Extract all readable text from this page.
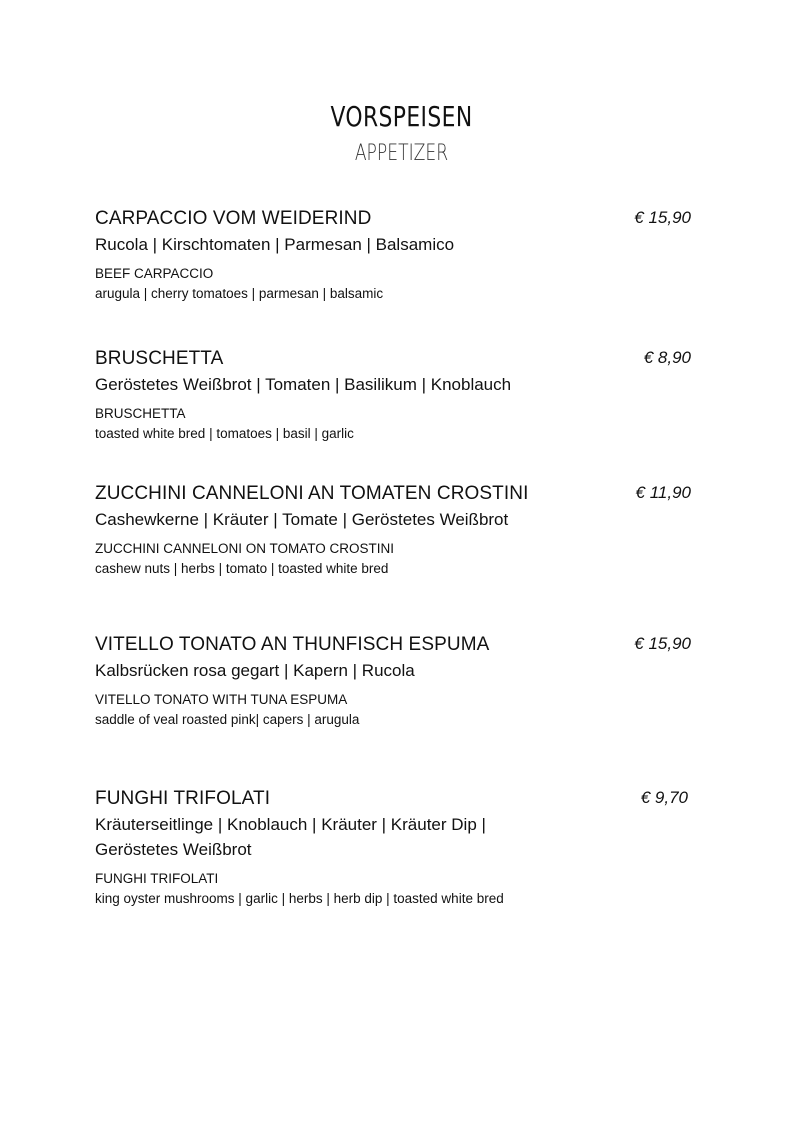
VORSPEISEN
APPETIZER
CARPACCIO VOM WEIDERIND
Rucola | Kirschtomaten | Parmesan | Balsamico
BEEF CARPACCIO
arugula | cherry tomatoes | parmesan | balsamic
€ 15,90
BRUSCHETTA
Geröstetes Weißbrot | Tomaten | Basilikum | Knoblauch
BRUSCHETTA
toasted white bred | tomatoes | basil | garlic
€ 8,90
ZUCCHINI CANNELONI AN TOMATEN CROSTINI
Cashewkerne | Kräuter | Tomate | Geröstetes Weißbrot
ZUCCHINI CANNELONI ON TOMATO CROSTINI
cashew nuts | herbs | tomato | toasted white bred
€ 11,90
VITELLO TONATO AN THUNFISCH ESPUMA
Kalbsrücken rosa gegart | Kapern | Rucola
VITELLO TONATO WITH TUNA ESPUMA
saddle of veal roasted pink| capers | arugula
€ 15,90
FUNGHI TRIFOLATI
Kräuterseitlinge | Knoblauch | Kräuter | Kräuter Dip | Geröstetes Weißbrot
FUNGHI TRIFOLATI
king oyster mushrooms | garlic | herbs | herb dip | toasted white bred
€ 9,70
